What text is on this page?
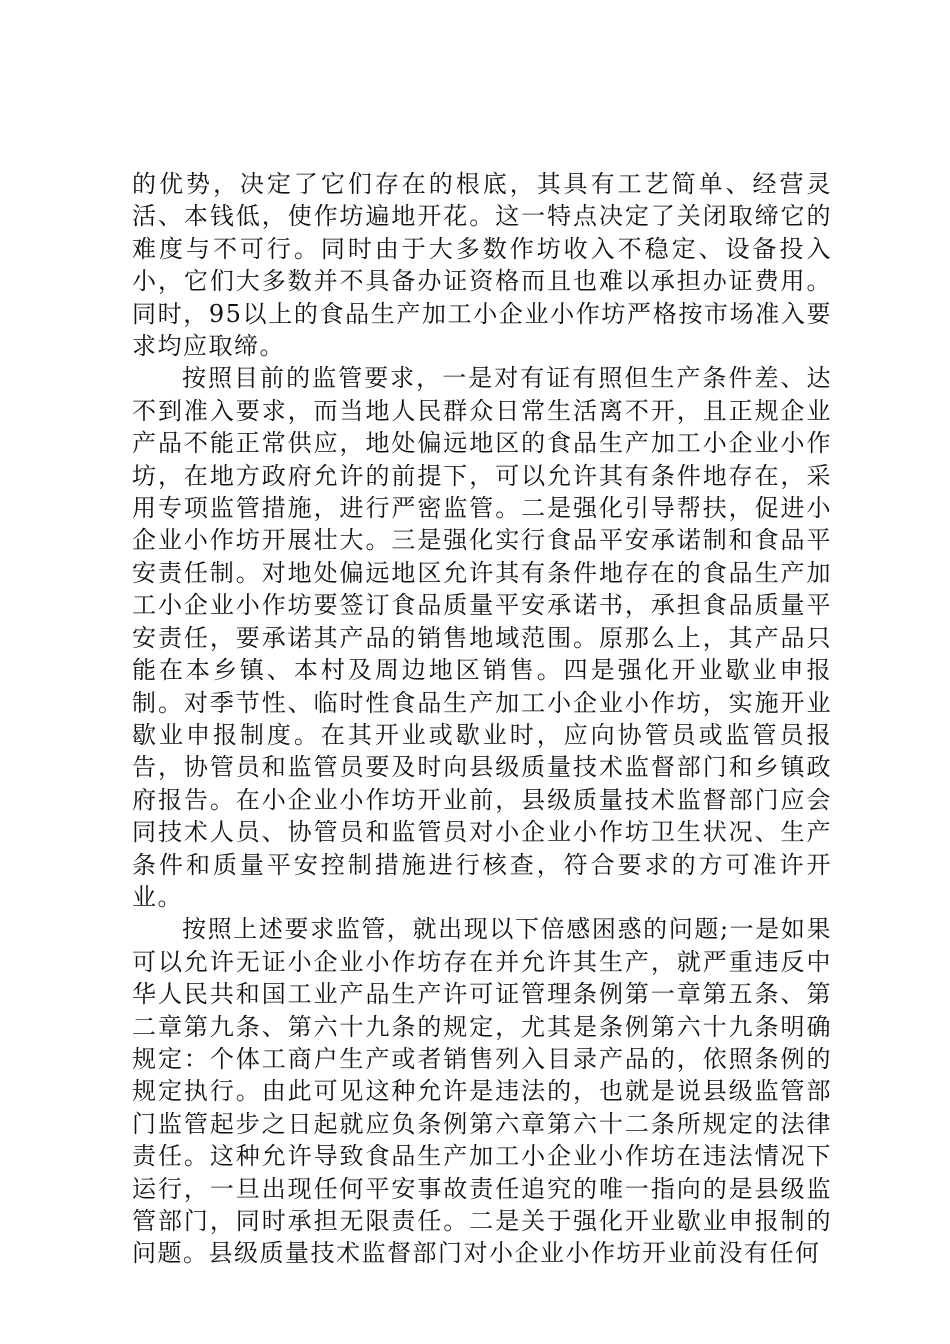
的优势，决定了它们存在的根底，其具有工艺简单、经营灵活、本钱低，使作坊遍地开花。这一特点决定了关闭取缔它的难度与不可行。同时由于大多数作坊收入不稳定、设备投入小，它们大多数并不具备办证资格而且也难以承担办证费用。同时，95以上的食品生产加工小企业小作坊严格按市场准入要求均应取缔。

按照目前的监管要求，一是对有证有照但生产条件差、达不到准入要求，而当地人民群众日常生活离不开，且正规企业产品不能正常供应，地处偏远地区的食品生产加工小企业小作坊，在地方政府允许的前提下，可以允许其有条件地存在，采用专项监管措施，进行严密监管。二是强化引导帮扶，促进小企业小作坊开展壮大。三是强化实行食品平安承诺制和食品平安责任制。对地处偏远地区允许其有条件地存在的食品生产加工小企业小作坊要签订食品质量平安承诺书，承担食品质量平安责任，要承诺其产品的销售地域范围。原那么上，其产品只能在本乡镇、本村及周边地区销售。四是强化开业歇业申报制。对季节性、临时性食品生产加工小企业小作坊，实施开业歇业申报制度。在其开业或歇业时，应向协管员或监管员报告，协管员和监管员要及时向县级质量技术监督部门和乡镇政府报告。在小企业小作坊开业前，县级质量技术监督部门应会同技术人员、协管员和监管员对小企业小作坊卫生状况、生产条件和质量平安控制措施进行核查，符合要求的方可准许开业。

按照上述要求监管，就出现以下倍感困惑的问题;一是如果可以允许无证小企业小作坊存在并允许其生产，就严重违反中华人民共和国工业产品生产许可证管理条例第一章第五条、第二章第九条、第六十九条的规定，尤其是条例第六十九条明确规定：个体工商户生产或者销售列入目录产品的，依照条例的规定执行。由此可见这种允许是违法的，也就是说县级监管部门监管起步之日起就应负条例第六章第六十二条所规定的法律责任。这种允许导致食品生产加工小企业小作坊在违法情况下运行，一旦出现任何平安事故责任追究的唯一指向的是县级监管部门，同时承担无限责任。二是关于强化开业歇业申报制的问题。县级质量技术监督部门对小企业小作坊开业前没有任何
